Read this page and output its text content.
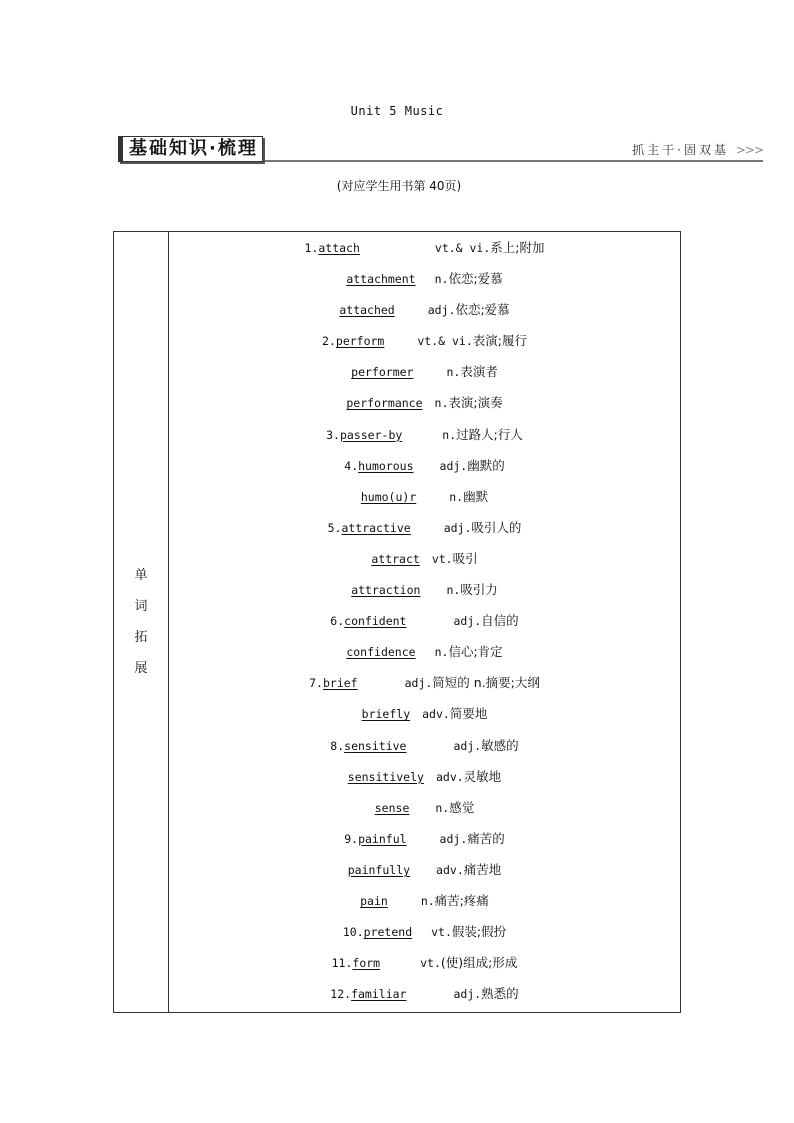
Unit 5 Music
基础知识·梳理	抓主干·固双基 >>>
(对应学生用书第 40页)
单
词
拓
展

1.attach	vt.& vi.系上;附加
attachment n.依恋;爱慕
attached	adj.依恋;爱慕
2.perform	vt.& vi.表演;履行
performer	n.表演者
performance n.表演;演奏
3.passer-by	n.过路人;行人
4.humorous adj.幽默的
humo(u)r	n.幽默
5.attractive	adj.吸引人的
attract vt.吸引
attraction n.吸引力
6.confident	adj.自信的
confidence n.信心;肯定
7.brief	adj.简短的 n.摘要;大纲
briefly adv.简要地
8.sensitive	adj.敏感的
sensitively adv.灵敏地
sense n.感觉
9.painful	adj.痛苦的
painfully adv.痛苦地
pain	n.痛苦;疼痛
10.pretend vt.假装;假扮
11.form	vt.(使)组成;形成
12.familiar	adj.熟悉的
